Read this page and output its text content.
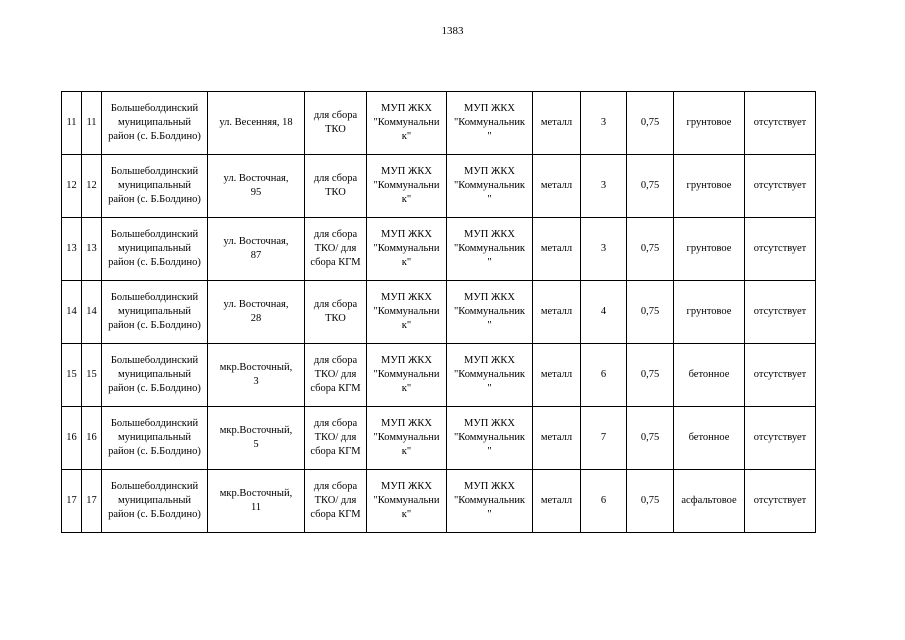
1383
11	11	Большеболдинский
муниципальный
район (с. Б.Болдино)	ул. Весенняя, 18	для сбора
ТКО	МУП ЖКХ
"Коммунальни
к"	МУП ЖКХ
"Коммунальник
"	металл	3	0,75	грунтовое	отсутствует

12	12	Большеболдинский
муниципальный
район (с. Б.Болдино)	ул. Восточная,
95	для сбора
ТКО	МУП ЖКХ
"Коммунальни
к"	МУП ЖКХ
"Коммунальник
"	металл	3	0,75	грунтовое	отсутствует

13	13	Большеболдинский
муниципальный
район (с. Б.Болдино)	ул. Восточная,
87	для сбора
ТКО/ для
сбора КГМ	МУП ЖКХ
"Коммунальни
к"	МУП ЖКХ
"Коммунальник
"	металл	3	0,75	грунтовое	отсутствует

14	14	Большеболдинский
муниципальный
район (с. Б.Болдино)	ул. Восточная,
28	для сбора
ТКО	МУП ЖКХ
"Коммунальни
к"	МУП ЖКХ
"Коммунальник
"	металл	4	0,75	грунтовое	отсутствует

15	15	Большеболдинский
муниципальный
район (с. Б.Болдино)	мкр.Восточный,
3	для сбора
ТКО/ для
сбора КГМ	МУП ЖКХ
"Коммунальни
к"	МУП ЖКХ
"Коммунальник
"	металл	6	0,75	бетонное	отсутствует

16	16	Большеболдинский
муниципальный
район (с. Б.Болдино)	мкр.Восточный,
5	для сбора
ТКО/ для
сбора КГМ	МУП ЖКХ
"Коммунальни
к"	МУП ЖКХ
"Коммунальник
"	металл	7	0,75	бетонное	отсутствует

17	17	Большеболдинский
муниципальный
район (с. Б.Болдино)	мкр.Восточный,
11	для сбора
ТКО/ для
сбора КГМ	МУП ЖКХ
"Коммунальни
к"	МУП ЖКХ
"Коммунальник
"	металл	6	0,75	асфальтовое	отсутствует
